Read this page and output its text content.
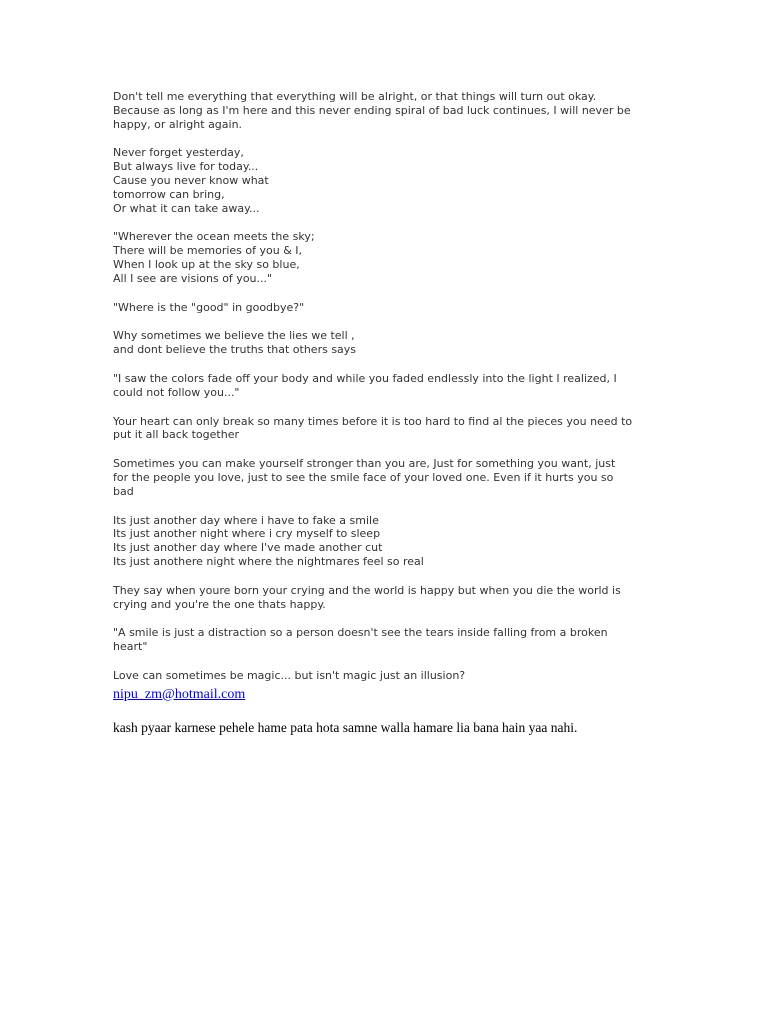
Don't tell me everything that everything will be alright, or that things will turn out okay.
Because as long as I'm here and this never ending spiral of bad luck continues, I will never be
happy, or alright again.

Never forget yesterday,
But always live for today...
Cause you never know what
tomorrow can bring,
Or what it can take away...

"Wherever the ocean meets the sky;
There will be memories of you & I,
When I look up at the sky so blue,
All I see are visions of you..."

"Where is the "good" in goodbye?"

Why sometimes we believe the lies we tell ,
and dont believe the truths that others says

"I saw the colors fade off your body and while you faded endlessly into the light I realized, I
could not follow you..."

Your heart can only break so many times before it is too hard to find al the pieces you need to
put it all back together

Sometimes you can make yourself stronger than you are, Just for something you want, just
for the people you love, just to see the smile face of your loved one. Even if it hurts you so
bad

Its just another day where i have to fake a smile
Its just another night where i cry myself to sleep
Its just another day where I've made another cut
Its just anothere night where the nightmares feel so real

They say when youre born your crying and the world is happy but when you die the world is
crying and you're the one thats happy.

"A smile is just a distraction so a person doesn't see the tears inside falling from a broken
heart"

Love can sometimes be magic... but isn't magic just an illusion?

nipu_zm@hotmail.com

kash pyaar karnese pehele hame pata hota samne walla hamare lia bana hain yaa nahi.
